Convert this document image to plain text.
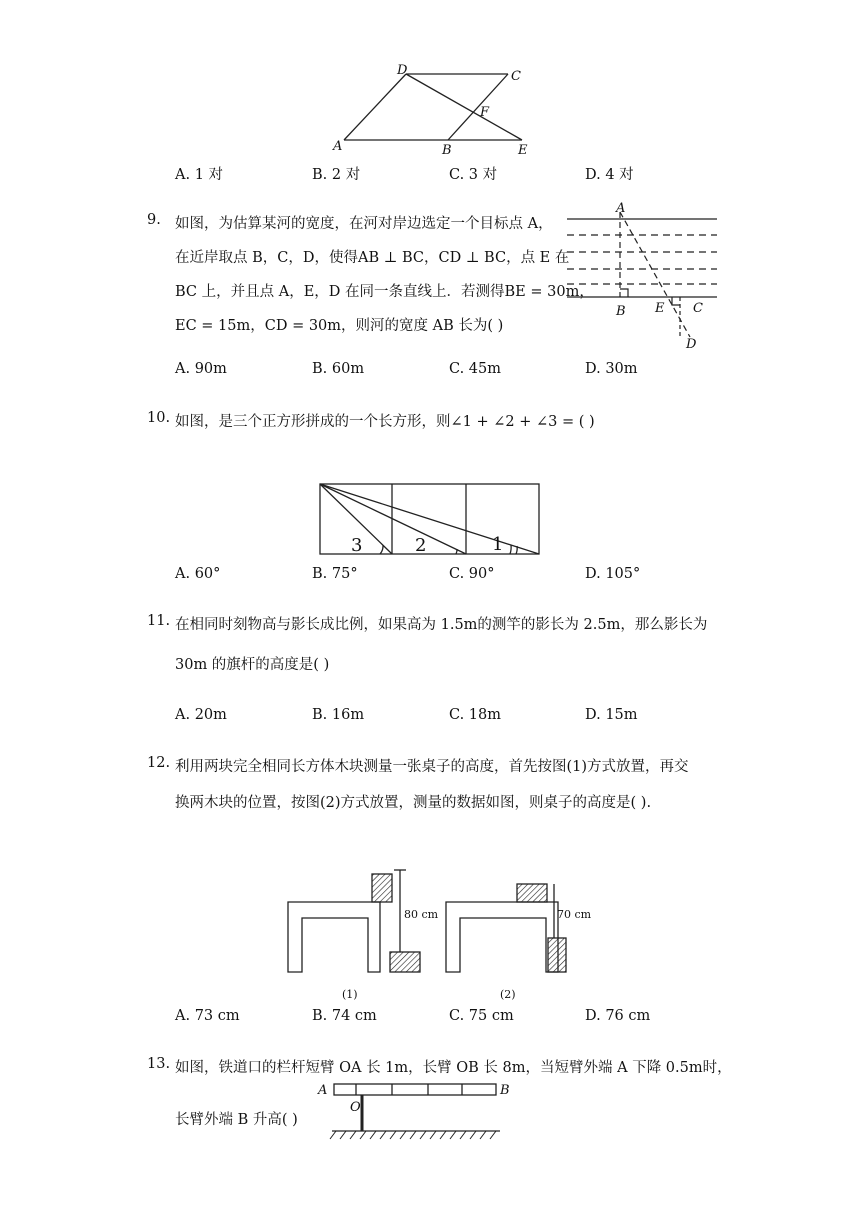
D	C
F
A	B	E
A. 1 对	B. 2 对	C. 3 对	D. 4 对
9. 如图，为估算某河的宽度，在河对岸边选定一个目标点 A，
在近岸取点 B，C，D，使得AB ⊥ BC，CD ⊥ BC，点 E 在
BC 上，并且点 A，E，D 在同一条直线上．若测得BE = 30m，
EC = 15m，CD = 30m，则河的宽度 AB 长为( )
A
B E C
D
A. 90m	B. 60m	C. 45m	D. 30m
10. 如图，是三个正方形拼成的一个长方形，则∠1 + ∠2 + ∠3 = ( )
3	2	1
A. 60°	B. 75°	C. 90°	D. 105°
11. 在相同时刻物高与影长成比例，如果高为 1.5m的测竿的影长为 2.5m，那么影长为
30m 的旗杆的高度是( )
A. 20m	B. 16m	C. 18m	D. 15m
12. 利用两块完全相同长方体木块测量一张桌子的高度，首先按图(1)方式放置，再交
换两木块的位置，按图(2)方式放置，测量的数据如图，则桌子的高度是( ).
80 cm	70 cm
(1)	(2)
A. 73 cm	B. 74 cm	C. 75 cm	D. 76 cm
13. 如图，铁道口的栏杆短臂 OA 长 1m，长臂 OB 长 8m，当短臂外端 A 下降 0.5m时，
长臂外端 B 升高( )
A	B
O
